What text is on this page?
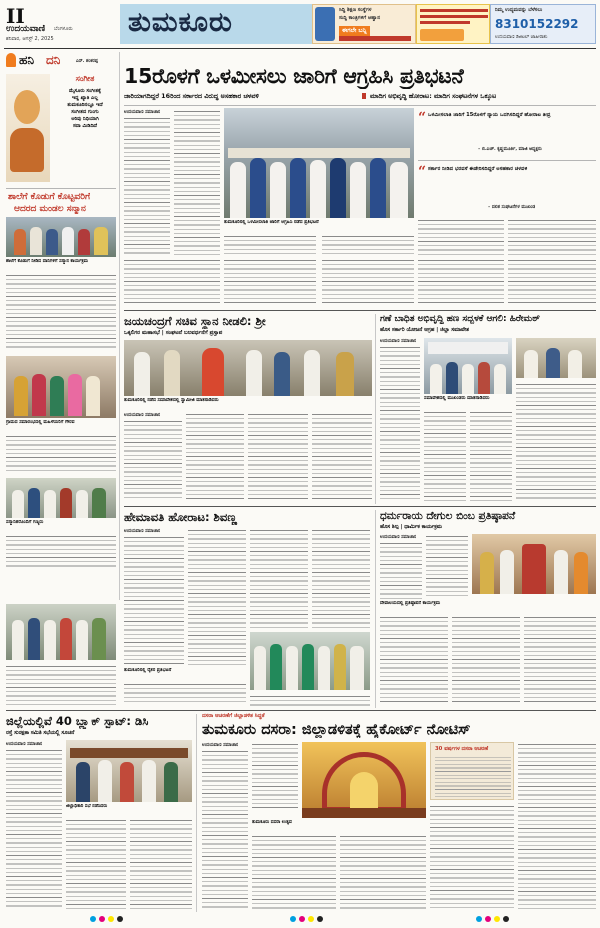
II
ಉದಯವಾಣಿ ಬೆಂಗಳೂರು
ಶನಿವಾರ, ಆಗಸ್ಟ್ 2, 2025
ತುಮಕೂರು	ಸಿದ್ಧಿ ಶಿಕ್ಷಣ ಸಂಸ್ಥೆಗಳ
ಸುದ್ದಿ ಕಾಂತ್ರಿಗಳಿಗೆ ಆಹ್ವಾನ
ಈಗಲೇ ಬನ್ನಿ
ನಿಮ್ಮ ಉದ್ಯಮವನ್ನು ಬೆಳೆಸಲು
8310152292
ಉದಯವಾಣಿ ಡಿಜಿಟಲ್ ಜಾಹೀರಾತು
ಹನಿ ದನಿ	ಎಸ್. ಶಂಕರಪ್ಪ
ಸಂಗೀತ
ಮೈಸೂರು ಸಂಗೀತಕ್ಕೆ
ಇದ್ದ ಖ್ಯಾತಿ ಎಲ್ಲ
ತುಮಕೂರಿನಲ್ಲೂ ಇದೆ
ಸಂಗೀತದ ಗುಂಗು
ಅರಿವು ನಿಧಿಯಾಗಿ
ಸದಾ ಮಿಡಿದಿದೆ
ಶಾಲೆಗೆ ಕೊಡುಗೆ ಕೊಟ್ಟವರಿಗೆ
ಆದರದ ಮಂಡಲ ಸನ್ಮಾನ
ಶಾಲೆಗೆ ಕೊಡುಗೆ ನೀಡಿದ ದಾನಿಗಳಿಗೆ ಸನ್ಮಾನ ಕಾರ್ಯಕ್ರಮ
ಗ್ರಾಮದ ಸಮಾರಂಭದಲ್ಲಿ ಮಹಿಳೆಯರಿಗೆ ಗೌರವ
ಸನ್ಮಾನಿತರೊಂದಿಗೆ ಗಣ್ಯರು
15ರೊಳಗೆ ಒಳಮೀಸಲು ಜಾರಿಗೆ ಆಗ್ರಹಿಸಿ ಪ್ರತಿಭಟನೆ
ಜಾರಿಯಾಗದಿದ್ದರೆ 16ರಿಂದ ಸರ್ಕಾರದ ವಿರುದ್ಧ ಅಸಹಕಾರ ಚಳವಳಿ	ಮಾದಿಗ ಅಭಿವೃದ್ಧಿ ಹೋರಾಟ: ಮಾದಿಗ ಸಂಘಟನೆಗಳ ಒಕ್ಕೂಟ
ಉದಯವಾಣಿ ಸಮಾಚಾರ
ತುಮಕೂರಿನಲ್ಲಿ ಒಳಮೀಸಲಾತಿ ಜಾರಿಗೆ ಆಗ್ರಹಿಸಿ ನಡೆದ ಪ್ರತಿಭಟನೆ
“ ಒಳಮೀಸಲಾತಿ ಜಾರಿಗೆ 15ರೊಳಗೆ ನ್ಯಾಯ ಒದಗಿಸದಿದ್ದರೆ ಹೋರಾಟ ತೀವ್ರ
– ಬಿ.ಎಚ್. ಕೃಷ್ಣಮೂರ್ತಿ, ಮಾಜಿ ಅಧ್ಯಕ್ಷರು
“ ಸರ್ಕಾರ ನೀಡಿದ ಭರವಸೆ ಈಡೇರಿಸದಿದ್ದರೆ ಅಸಹಕಾರ ಚಳವಳಿ
– ದಲಿತ ಸಂಘಟನೆಗಳ ಮುಖಂಡ
ಜಯಚಂದ್ರಗೆ ಸಚಿವ ಸ್ಥಾನ ನೀಡಲಿ: ಶ್ರೀ
ಒಕ್ಕಲಿಗರ ಮಹಾಸಭೆ | ಸಂಘಟನೆ ಬಲವರ್ಧನೆಗೆ ಪ್ರಸ್ತಾಪ
ತುಮಕೂರಿನಲ್ಲಿ ನಡೆದ ಸಮಾವೇಶದಲ್ಲಿ ಸ್ವಾಮೀಜಿ ಮಾತನಾಡಿದರು
ಉದಯವಾಣಿ ಸಮಾಚಾರ
ಗಣೆ ಬಾಧಿತ ಅಭಿವೃದ್ಧಿ ಹಣ ಸದ್ಬಳಕೆ ಆಗಲಿ: ಹಿರೇಮಠ್
ಹೊಸ ಸರ್ಕಾರಿ ಯೋಜನೆ ಆಗ್ರಹ | ಜಿಲ್ಲಾ ಸಮಾವೇಶ
ಉದಯವಾಣಿ ಸಮಾಚಾರ
ಸಮಾವೇಶದಲ್ಲಿ ಮುಖಂಡರು ಮಾತನಾಡಿದರು
ಹೇಮಾವತಿ ಹೋರಾಟ: ಶಿವಣ್ಣ
ಉದಯವಾಣಿ ಸಮಾಚಾರ
ತುಮಕೂರಿನಲ್ಲಿ ರೈತರ ಪ್ರತಿಭಟನೆ
ಧರ್ಮರಾಯ ದೇಗುಲ ಬಿಂಬ ಪ್ರತಿಷ್ಠಾಪನೆ
ಹೊಸ ಶಿಲ್ಪ | ಧಾರ್ಮಿಕ ಕಾರ್ಯಕ್ರಮ
ಉದಯವಾಣಿ ಸಮಾಚಾರ
ದೇವಾಲಯದಲ್ಲಿ ಪ್ರತಿಷ್ಠಾಪನೆ ಕಾರ್ಯಕ್ರಮ
ಜಿಲ್ಲೆಯಲ್ಲಿವೆ 40 ಬ್ಲ್ಯಾಕ್ ಸ್ಪಾಟ್: ಡಿಸಿ
ರಸ್ತೆ ಸುರಕ್ಷತಾ ಸಮಿತಿ ಸಭೆಯಲ್ಲಿ ಸೂಚನೆ
ಉದಯವಾಣಿ ಸಮಾಚಾರ
ಜಿಲ್ಲಾಧಿಕಾರಿ ಸಭೆ ನಡೆಸಿದರು
ದಸರಾ ಆಚರಣೆಗೆ ಜಿಲ್ಲಾಡಳಿತ ಸಿದ್ಧತೆ
ತುಮಕೂರು ದಸರಾ: ಜಿಲ್ಲಾಡಳಿತಕ್ಕೆ ಹೈಕೋರ್ಟ್ ನೋಟಿಸ್
ಉದಯವಾಣಿ ಸಮಾಚಾರ
ತುಮಕೂರು ದಸರಾ ಉತ್ಸವ
30 ವರ್ಷಗಳ ದಸರಾ ಆಚರಣೆ
